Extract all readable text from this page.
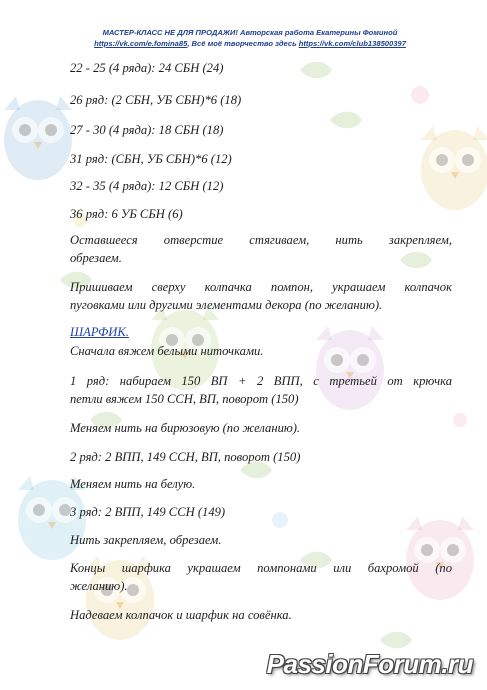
МАСТЕР-КЛАСС НЕ ДЛЯ ПРОДАЖИ! Авторская работа Екатерины Фоминой
https://vk.com/e.fomina85, Всё моё творчество здесь https://vk.com/club138500397
22 - 25 (4 ряда): 24 СБН (24)
26 ряд: (2 СБН, УБ СБН)*6 (18)
27 - 30 (4 ряда): 18 СБН (18)
31 ряд: (СБН, УБ СБН)*6 (12)
32 - 35 (4 ряда): 12 СБН (12)
36 ряд: 6 УБ СБН (6)
Оставшееся отверстие стягиваем, нить закрепляем,
обрезаем.
Пришиваем сверху колпачка помпон, украшаем колпачок
пуговками или другими элементами декора (по желанию).
ШАРФИК.
Сначала вяжем белыми ниточками.
1 ряд: набираем 150 ВП + 2 ВПП, с третьей от крючка
петли вяжем 150 ССН, ВП, поворот (150)
Меняем нить на бирюзовую (по желанию).
2 ряд: 2 ВПП, 149 ССН, ВП, поворот (150)
Меняем нить на белую.
3 ряд: 2 ВПП, 149 ССН (149)
Нить закрепляем, обрезаем.
Концы шарфика украшаем помпонами или бахромой (по
желанию).
Надеваем колпачок и шарфик на совёнка.
PassionForum.ru
